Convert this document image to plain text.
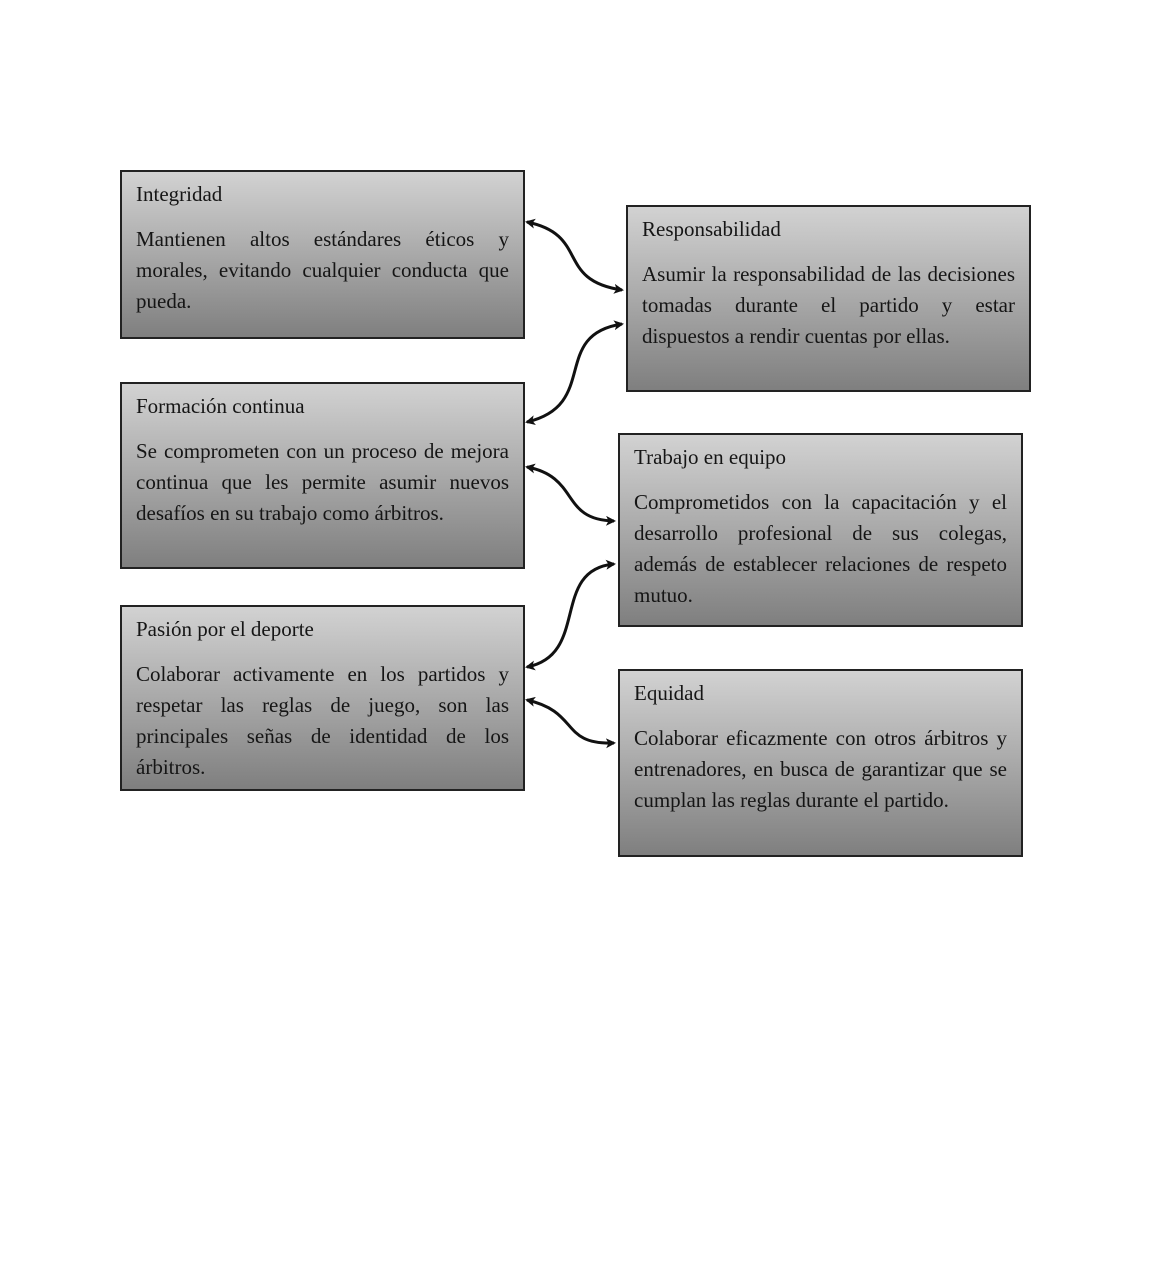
Integridad

Mantienen altos estándares éticos y morales, evitando cualquier conducta que pueda.

Responsabilidad

Asumir la responsabilidad de las decisiones tomadas durante el partido y estar dispuestos a rendir cuentas por ellas.

Formación continua

Se comprometen con un proceso de mejora continua que les permite asumir nuevos desafíos en su trabajo como árbitros.

Trabajo en equipo

Comprometidos con la capacitación y el desarrollo profesional de sus colegas, además de establecer relaciones de respeto mutuo.

Pasión por el deporte

Colaborar activamente en los partidos y respetar las reglas de juego, son las principales señas de identidad de los árbitros.

Equidad

Colaborar eficazmente con otros árbitros y entrenadores, en busca de garantizar que se cumplan las reglas durante el partido.
